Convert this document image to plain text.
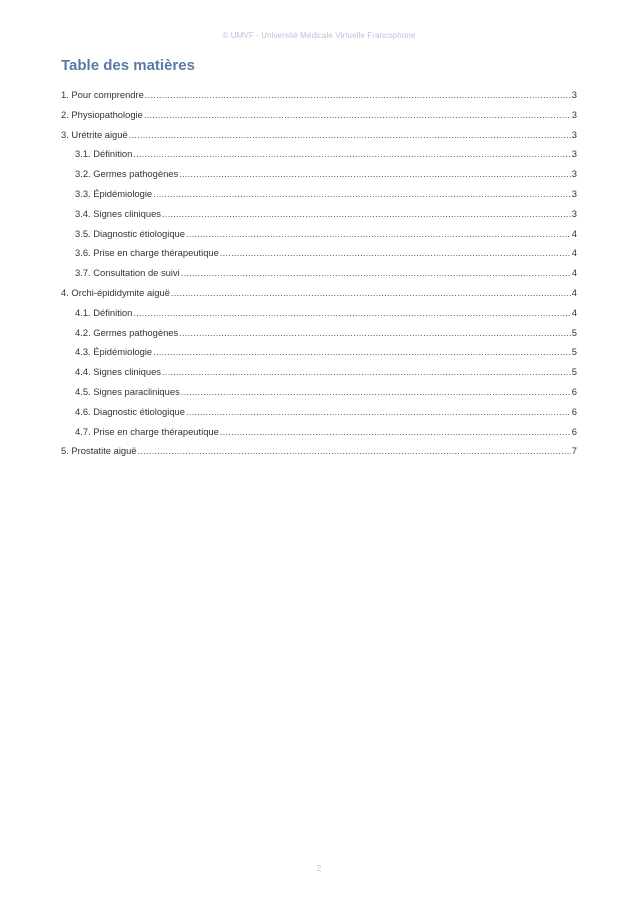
© UMVF - Université Médicale Virtuelle Francophone
Table des matières
1. Pour comprendre .....	3
2. Physiopathologie .....	3
3. Urétrite aiguë .....	3
3.1. Définition .....	3
3.2. Germes pathogènes .....	3
3.3. Épidémiologie .....	3
3.4. Signes cliniques .....	3
3.5. Diagnostic étiologique .....	4
3.6. Prise en charge thérapeutique .....	4
3.7. Consultation de suivi .....	4
4. Orchi-épididymite aiguë .....	4
4.1. Définition .....	4
4.2. Germes pathogènes .....	5
4.3. Épidémiologie .....	5
4.4. Signes cliniques .....	5
4.5. Signes paracliniques .....	6
4.6. Diagnostic étiologique .....	6
4.7. Prise en charge thérapeutique .....	6
5. Prostatite aiguë .....	7
2
